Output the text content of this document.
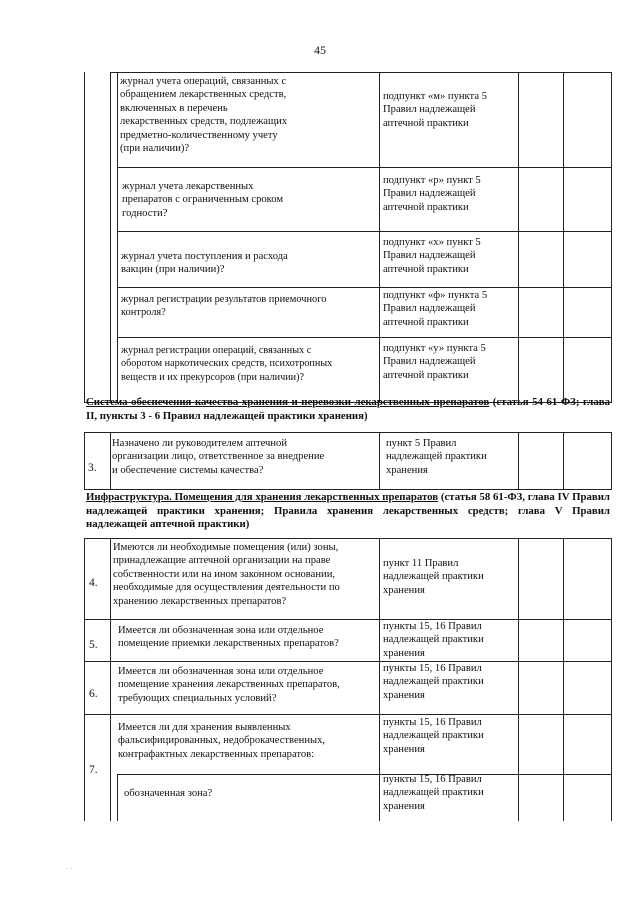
45
журнал учета операций, связанных с
обращением лекарственных средств,
включенных в перечень
лекарственных средств, подлежащих
предметно-количественному учету
(при наличии)?
подпункт «м» пункта 5
Правил надлежащей
аптечной практики
журнал учета лекарственных
препаратов с ограниченным сроком
годности?
подпункт «р» пункт 5
Правил надлежащей
аптечной практики
журнал учета поступления и расхода
вакцин (при наличии)?
подпункт «х» пункт 5
Правил надлежащей
аптечной практики
журнал регистрации результатов приемочного
контроля?
подпункт «ф» пункта 5
Правил надлежащей
аптечной практики
журнал регистрации операций, связанных с
оборотом наркотических средств, психотропных
веществ и их прекурсоров (при наличии)?
подпункт «у» пункта 5
Правил надлежащей
аптечной практики
Система обеспечения качества хранения и перевозки лекарственных препаратов (статья 54 61-ФЗ; глава II, пункты 3 - 6 Правил надлежащей практики хранения)
3.
Назначено ли руководителем аптечной
организации лицо, ответственное за внедрение
и обеспечение системы качества?
пункт 5 Правил
надлежащей практики
хранения
Инфраструктура. Помещения для хранения лекарственных препаратов (статья 58 61-ФЗ, глава IV Правил надлежащей практики хранения; Правила хранения лекарственных средств; глава V Правил надлежащей аптечной практики)
4.
Имеются ли необходимые помещения (или) зоны,
принадлежащие аптечной организации на праве
собственности или на ином законном основании,
необходимые для осуществления деятельности по
хранению лекарственных препаратов?
пункт 11 Правил
надлежащей практики
хранения
5.
Имеется ли обозначенная зона или отдельное
помещение приемки лекарственных препаратов?
пункты 15, 16 Правил
надлежащей практики
хранения
6.
Имеется ли обозначенная зона или отдельное
помещение хранения лекарственных препаратов,
требующих специальных условий?
пункты 15, 16 Правил
надлежащей практики
хранения
7.
Имеется ли для хранения выявленных
фальсифицированных, недоброкачественных,
контрафактных лекарственных препаратов:
пункты 15, 16 Правил
надлежащей практики
хранения
обозначенная зона?
пункты 15, 16 Правил
надлежащей практики
хранения
. .
